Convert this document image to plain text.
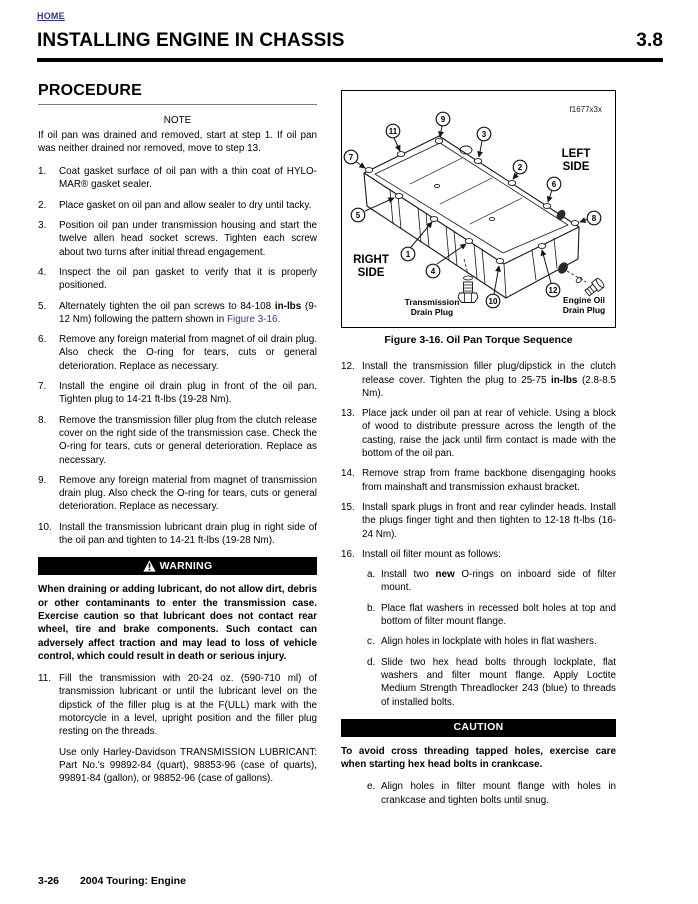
HOME
INSTALLING ENGINE IN CHASSIS	3.8
PROCEDURE
NOTE
If oil pan was drained and removed, start at step 1. If oil pan was neither drained nor removed, move to step 13.
1.	Coat gasket surface of oil pan with a thin coat of HYLO-MAR® gasket sealer.
2.	Place gasket on oil pan and allow sealer to dry until tacky.
3.	Position oil pan under transmission housing and start the twelve allen head socket screws. Tighten each screw about two turns after initial thread engagement.
4.	Inspect the oil pan gasket to verify that it is properly positioned.
5.	Alternately tighten the oil pan screws to 84-108 in-lbs (9-12 Nm) following the pattern shown in Figure 3-16.
6.	Remove any foreign material from magnet of oil drain plug. Also check the O-ring for tears, cuts or general deterioration. Replace as necessary.
7.	Install the engine oil drain plug in front of the oil pan. Tighten plug to 14-21 ft-lbs (19-28 Nm).
8.	Remove the transmission filler plug from the clutch release cover on the right side of the transmission case. Check the O-ring for tears, cuts or general deterioration. Replace as necessary.
9.	Remove any foreign material from magnet of transmission drain plug. Also check the O-ring for tears, cuts or general deterioration. Replace as necessary.
10. Install the transmission lubricant drain plug in right side of the oil pan and tighten to 14-21 ft-lbs (19-28 Nm).
WARNING
When draining or adding lubricant, do not allow dirt, debris or other contaminants to enter the transmission case. Exercise caution so that lubricant does not contact rear wheel, tire and brake components. Such contact can adversely affect traction and may lead to loss of vehicle control, which could result in death or serious injury.
11. Fill the transmission with 20-24 oz. (590-710 ml) of transmission lubricant or until the lubricant level on the dipstick of the filler plug is at the F(ULL) mark with the motorcycle in a level, upright position and the filler plug resting on the threads.
Use only Harley-Davidson TRANSMISSION LUBRICANT: Part No.'s 99892-84 (quart), 98853-96 (case of quarts), 99891-84 (gallon), or 98852-96 (case of gallons).
7
11
9
3
2
6
8
5
1
4
10
12
f1677x3x
LEFT
SIDE
RIGHT
SIDE
Transmission
Drain Plug
Engine Oil
Drain Plug
Figure 3-16. Oil Pan Torque Sequence
12. Install the transmission filler plug/dipstick in the clutch release cover. Tighten the plug to 25-75 in-lbs (2.8-8.5 Nm).
13. Place jack under oil pan at rear of vehicle. Using a block of wood to distribute pressure across the length of the casting, raise the jack until firm contact is made with the bottom of the oil pan.
14. Remove strap from frame backbone disengaging hooks from mainshaft and transmission exhaust bracket.
15. Install spark plugs in front and rear cylinder heads. Install the plugs finger tight and then tighten to 12-18 ft-lbs (16-24 Nm).
16. Install oil filter mount as follows:
a. Install two new O-rings on inboard side of filter mount.
b. Place flat washers in recessed bolt holes at top and bottom of filter mount flange.
c. Align holes in lockplate with holes in flat washers.
d. Slide two hex head bolts through lockplate, flat washers and filter mount flange. Apply Loctite Medium Strength Threadlocker 243 (blue) to threads of installed bolts.
CAUTION
To avoid cross threading tapped holes, exercise care when starting hex head bolts in crankcase.
e. Align holes in filter mount flange with holes in crankcase and tighten bolts until snug.
3-26 2004 Touring: Engine
